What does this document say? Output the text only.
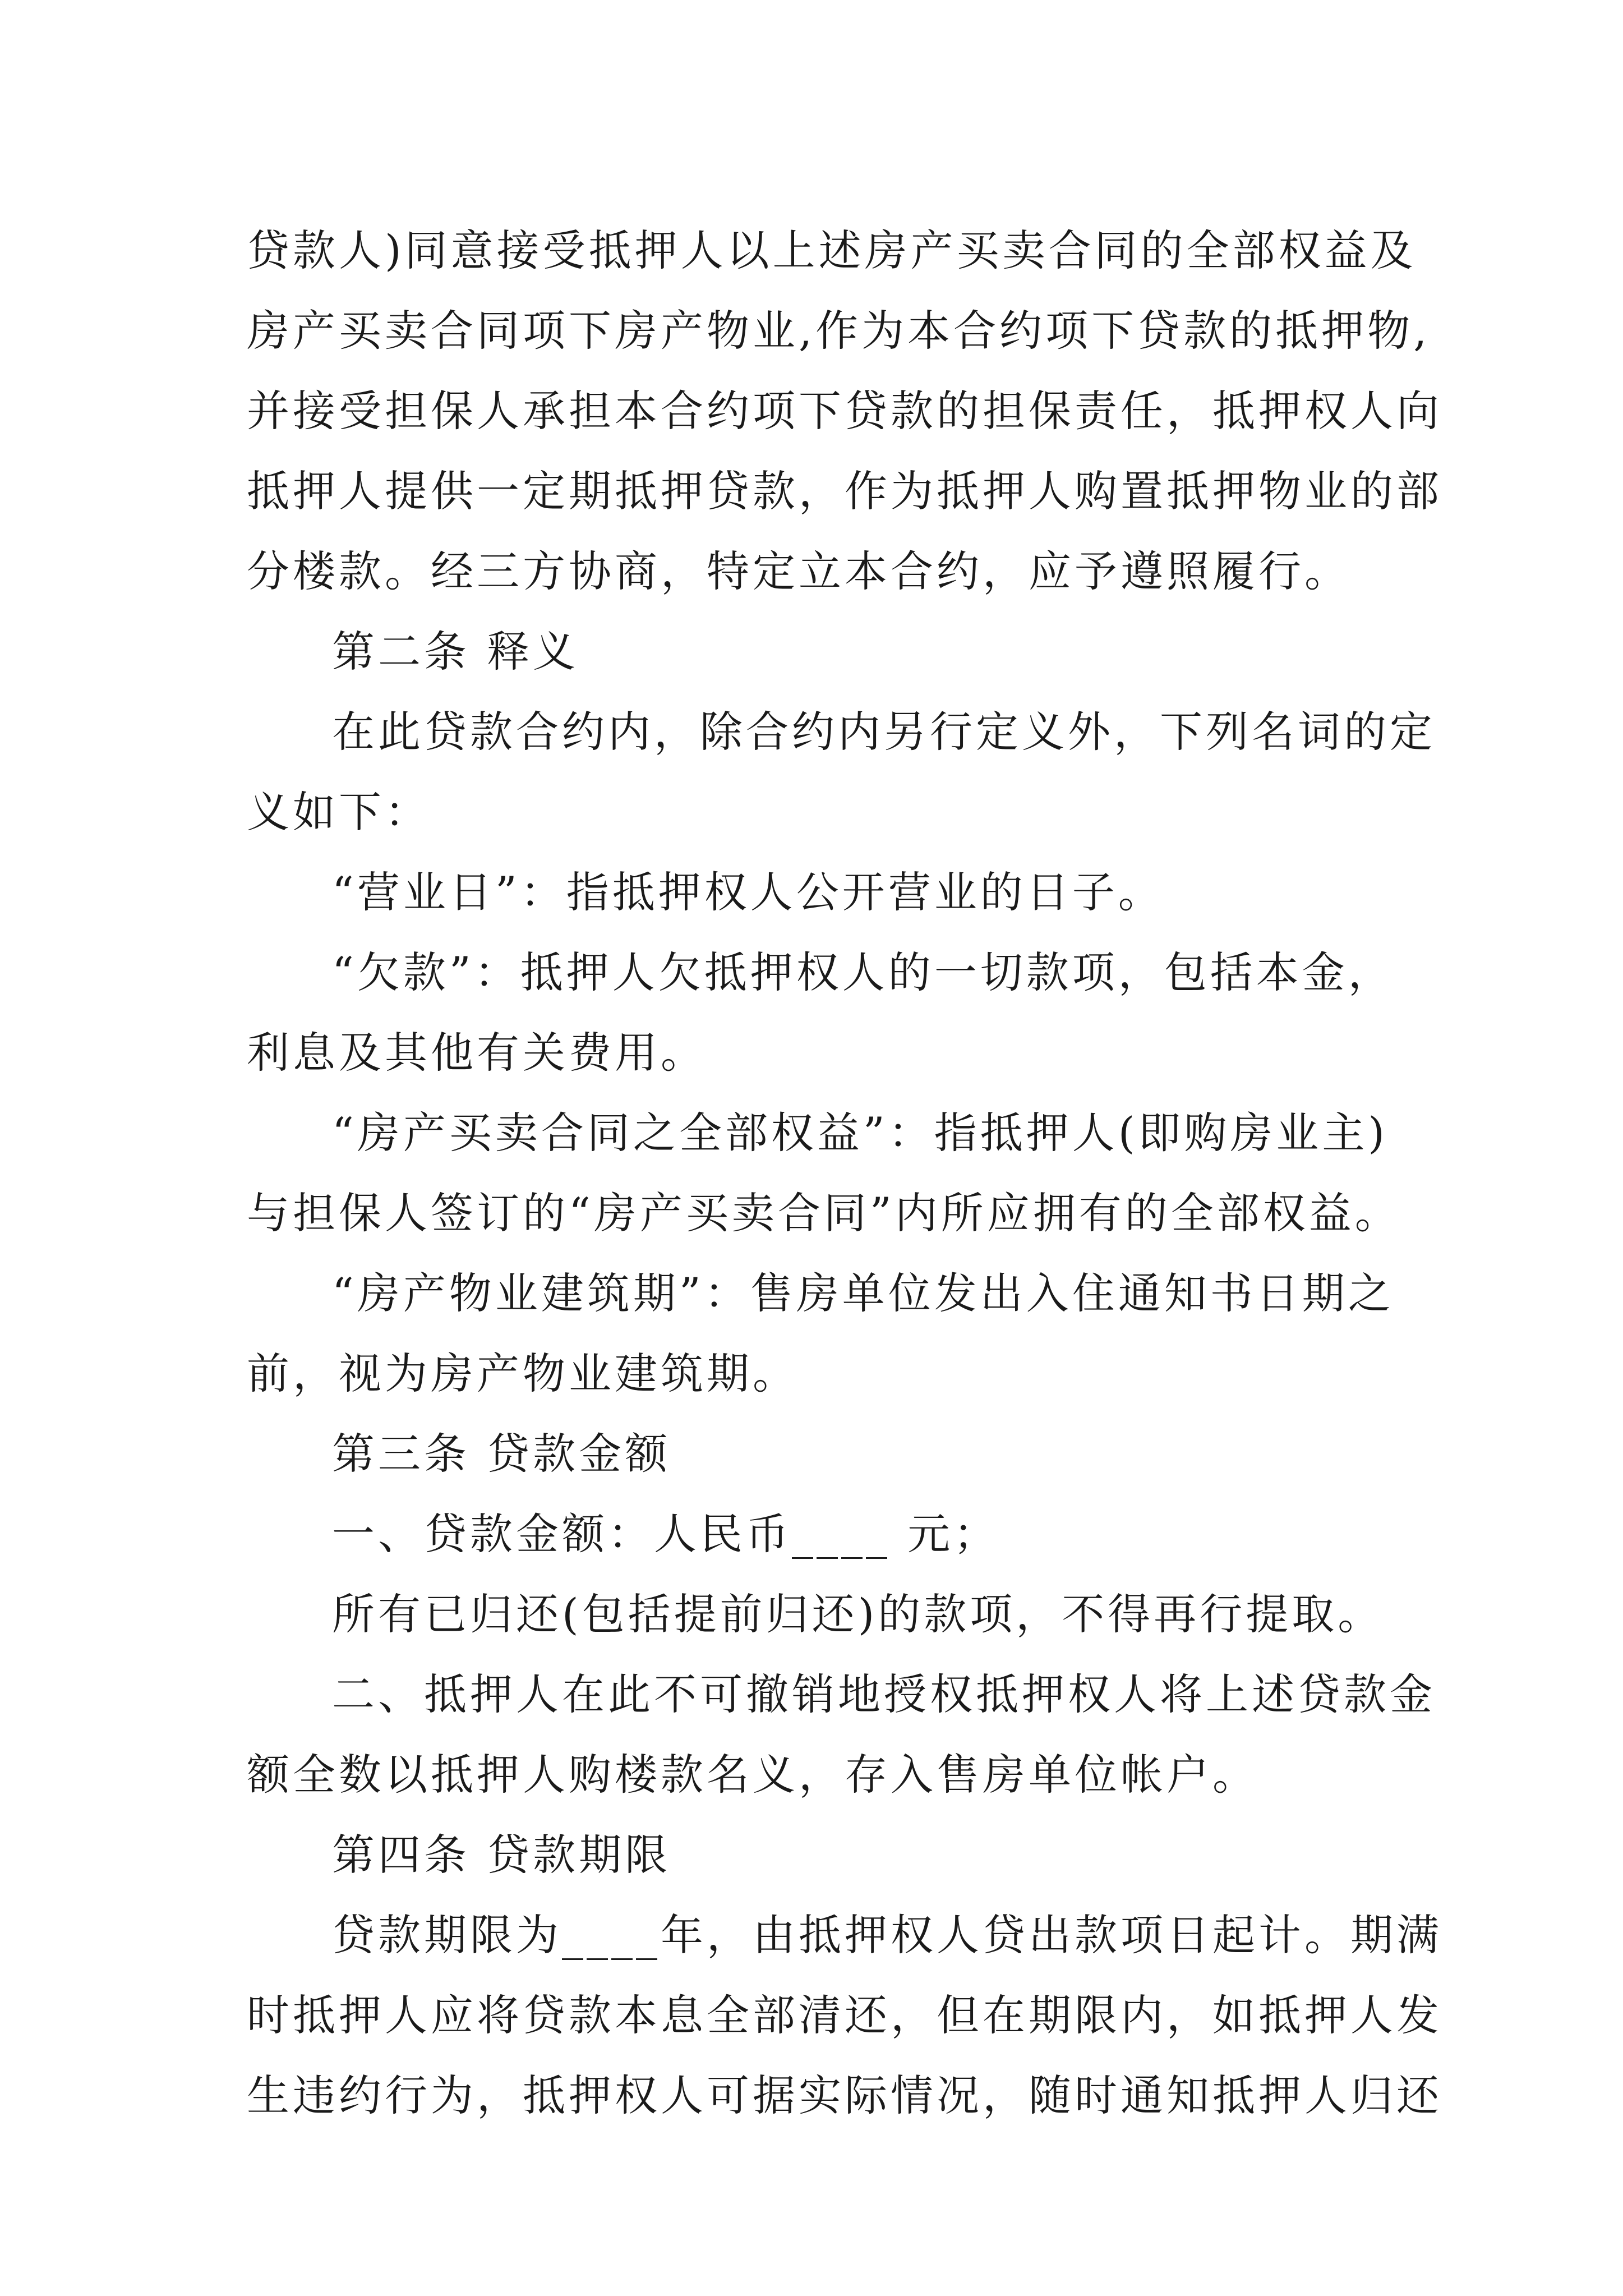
贷款人)同意接受抵押人以上述房产买卖合同的全部权益及
房产买卖合同项下房产物业,作为本合约项下贷款的抵押物,
并接受担保人承担本合约项下贷款的担保责任，抵押权人向
抵押人提供一定期抵押贷款，作为抵押人购置抵押物业的部
分楼款。经三方协商，特定立本合约，应予遵照履行。
第二条 释义
在此贷款合约内，除合约内另行定义外，下列名词的定
义如下：
“营业日”：指抵押权人公开营业的日子。
“欠款”：抵押人欠抵押权人的一切款项，包括本金，
利息及其他有关费用。
“房产买卖合同之全部权益”：指抵押人(即购房业主)
与担保人签订的“房产买卖合同”内所应拥有的全部权益。
“房产物业建筑期”：售房单位发出入住通知书日期之
前，视为房产物业建筑期。
第三条 贷款金额
一、贷款金额：人民币____ 元；
所有已归还(包括提前归还)的款项，不得再行提取。
二、抵押人在此不可撤销地授权抵押权人将上述贷款金
额全数以抵押人购楼款名义，存入售房单位帐户。
第四条 贷款期限
贷款期限为____年，由抵押权人贷出款项日起计。期满
时抵押人应将贷款本息全部清还，但在期限内，如抵押人发
生违约行为，抵押权人可据实际情况，随时通知抵押人归还
